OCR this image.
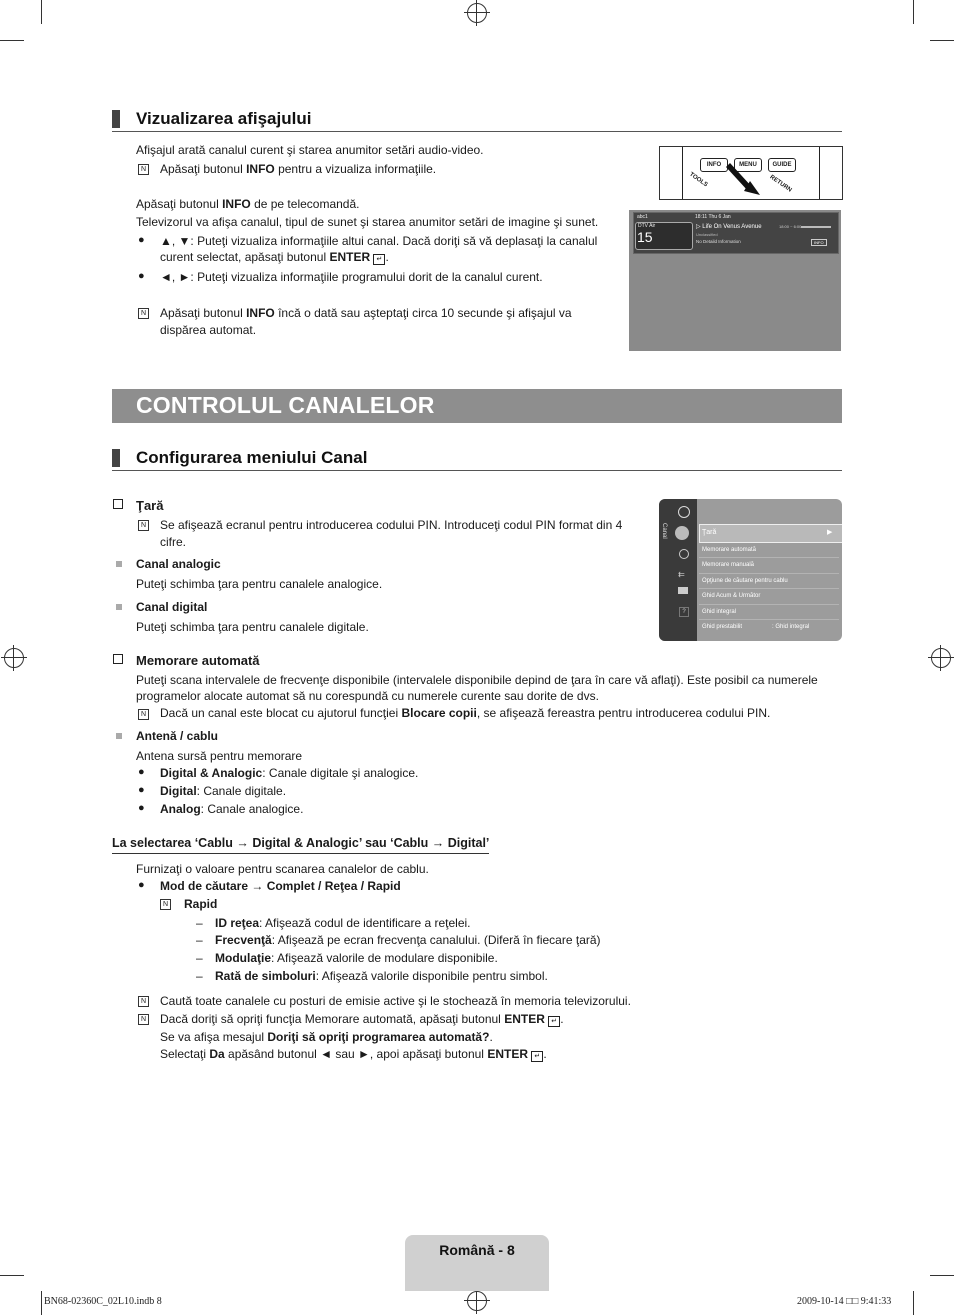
Vizualizarea afişajului
Afişajul arată canalul curent şi starea anumitor setări audio-video.
N Apăsaţi butonul INFO pentru a vizualiza informaţiile.
Apăsaţi butonul INFO de pe telecomandă.
Televizorul va afişa canalul, tipul de sunet şi starea anumitor setări de imagine şi sunet.
● ▲, ▼: Puteţi vizualiza informaţiile altui canal. Dacă doriţi să vă deplasaţi la canalul
curent selectat, apăsaţi butonul ENTER ↵ .
● ◄, ►: Puteţi vizualiza informaţiile programului dorit de la canalul curent.
N Apăsaţi butonul INFO încă o dată sau aşteptaţi circa 10 secunde şi afişajul va
dispărea automat.
INFO	MENU	GUIDE
TOOLS	RETURN
abc1
DTV Air
15
18:11 Thu 6 Jan
▷ Life On Venus Avenue	18:00 ~ 6:00
Unclassified
No Detaild Information	INFO
CONTROLUL CANALELOR
Configurarea meniului Canal
Ţară
N Se afişează ecranul pentru introducerea codului PIN. Introduceţi codul PIN format din 4
cifre.
Canal analogic
Puteţi schimba ţara pentru canalele analogice.
Canal digital
Puteţi schimba ţara pentru canalele digitale.
Canal
⇇
?
Ţară	▶
Memorare automată
Memorare manuală
Opţiune de căutare pentru cablu
Ghid Acum & Următor
Ghid integral
Ghid prestabilit	: Ghid integral
Memorare automată
Puteţi scana intervalele de frecvenţe disponibile (intervalele disponibile depind de ţara în care vă aflaţi). Este posibil ca numerele
programelor alocate automat să nu corespundă cu numerele curente sau dorite de dvs.
N Dacă un canal este blocat cu ajutorul funcţiei Blocare copii, se afişează fereastra pentru introducerea codului PIN.
Antenă / cablu
Antena sursă pentru memorare
● Digital & Analogic: Canale digitale şi analogice.
● Digital: Canale digitale.
● Analog: Canale analogice.
La selectarea ‘Cablu → Digital & Analogic’ sau ‘Cablu → Digital’
Furnizaţi o valoare pentru scanarea canalelor de cablu.
● Mod de căutare → Complet / Reţea / Rapid
N Rapid
– ID reţea: Afişează codul de identificare a reţelei.
– Frecvenţă: Afişează pe ecran frecvenţa canalului. (Diferă în fiecare ţară)
– Modulaţie: Afişează valorile de modulare disponibile.
– Rată de simboluri: Afişează valorile disponibile pentru simbol.
N Caută toate canalele cu posturi de emisie active şi le stochează în memoria televizorului.
N Dacă doriţi să opriţi funcţia Memorare automată, apăsaţi butonul ENTER ↵ .
Se va afişa mesajul Doriţi să opriţi programarea automată?.
Selectaţi Da apăsând butonul ◄ sau ►, apoi apăsaţi butonul ENTER ↵ .
Română - 8
BN68-02360C_02L10.indb 8	2009-10-14 □□ 9:41:33
